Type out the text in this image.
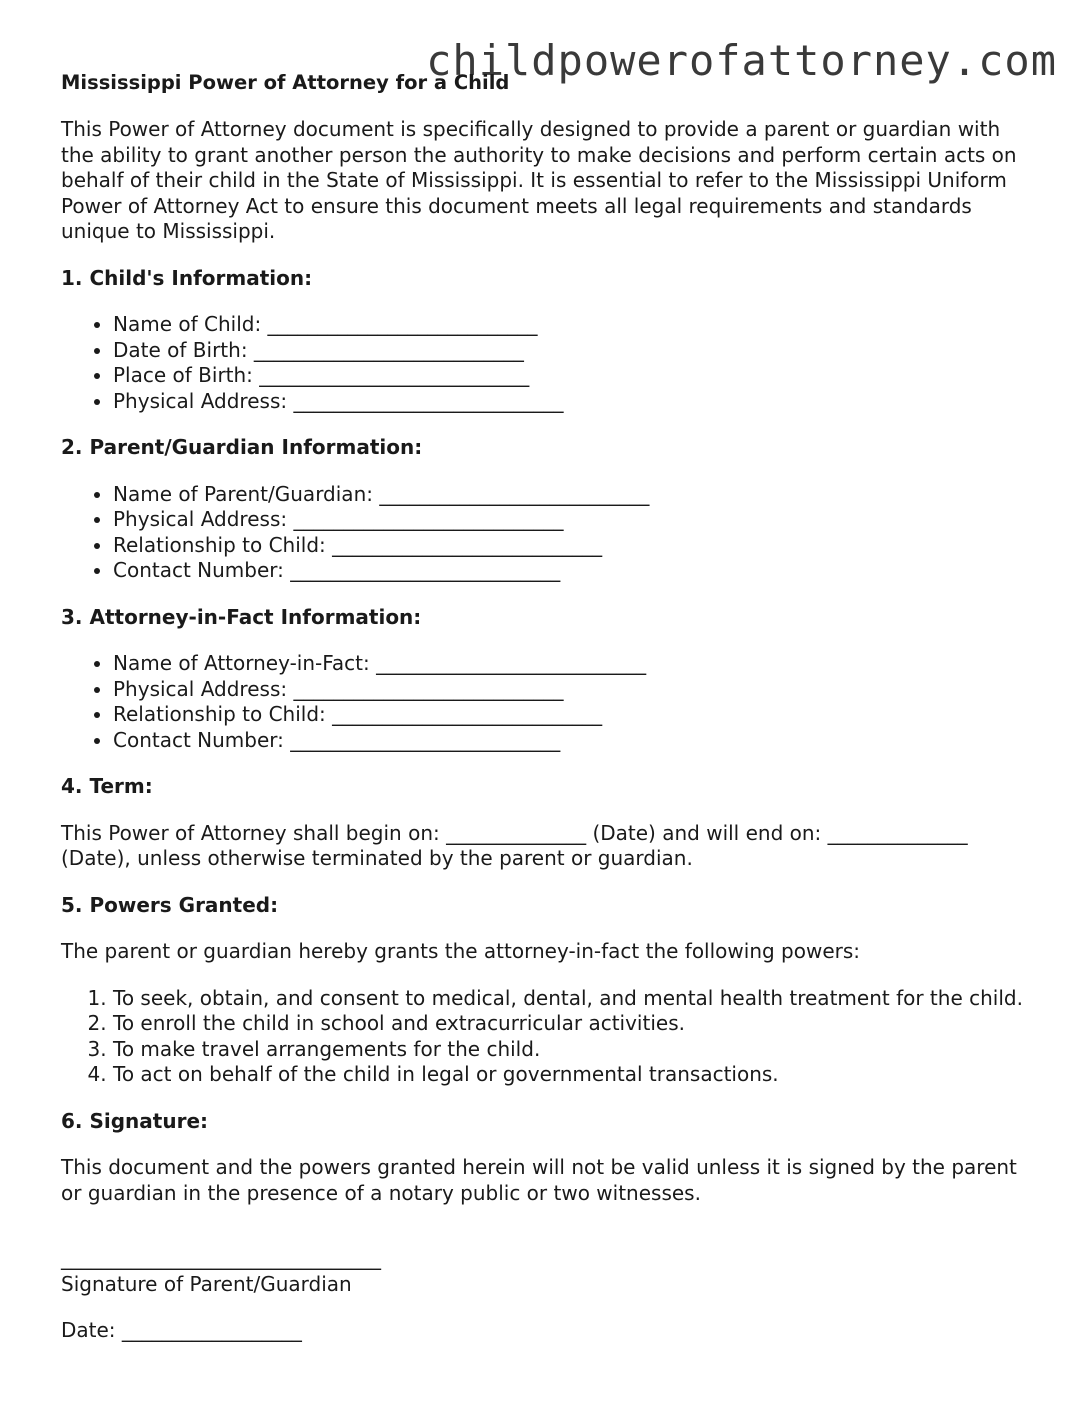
childpowerofattorney.com
Mississippi Power of Attorney for a Child

This Power of Attorney document is specifically designed to provide a parent or guardian with the ability to grant another person the authority to make decisions and perform certain acts on behalf of their child in the State of Mississippi. It is essential to refer to the Mississippi Uniform Power of Attorney Act to ensure this document meets all legal requirements and standards unique to Mississippi.

1. Child's Information:
• Name of Child: ___________________________
• Date of Birth: ___________________________
• Place of Birth: ___________________________
• Physical Address: ___________________________
2. Parent/Guardian Information:
• Name of Parent/Guardian: ___________________________
• Physical Address: ___________________________
• Relationship to Child: ___________________________
• Contact Number: ___________________________
3. Attorney-in-Fact Information:
• Name of Attorney-in-Fact: ___________________________
• Physical Address: ___________________________
• Relationship to Child: ___________________________
• Contact Number: ___________________________
4. Term:

This Power of Attorney shall begin on: ______________ (Date) and will end on: ______________ (Date), unless otherwise terminated by the parent or guardian.

5. Powers Granted:

The parent or guardian hereby grants the attorney-in-fact the following powers:

1. To seek, obtain, and consent to medical, dental, and mental health treatment for the child.
2. To enroll the child in school and extracurricular activities.
3. To make travel arrangements for the child.
4. To act on behalf of the child in legal or governmental transactions.
6. Signature:

This document and the powers granted herein will not be valid unless it is signed by the parent or guardian in the presence of a notary public or two witnesses.

________________________________
Signature of Parent/Guardian
Date: __________________
